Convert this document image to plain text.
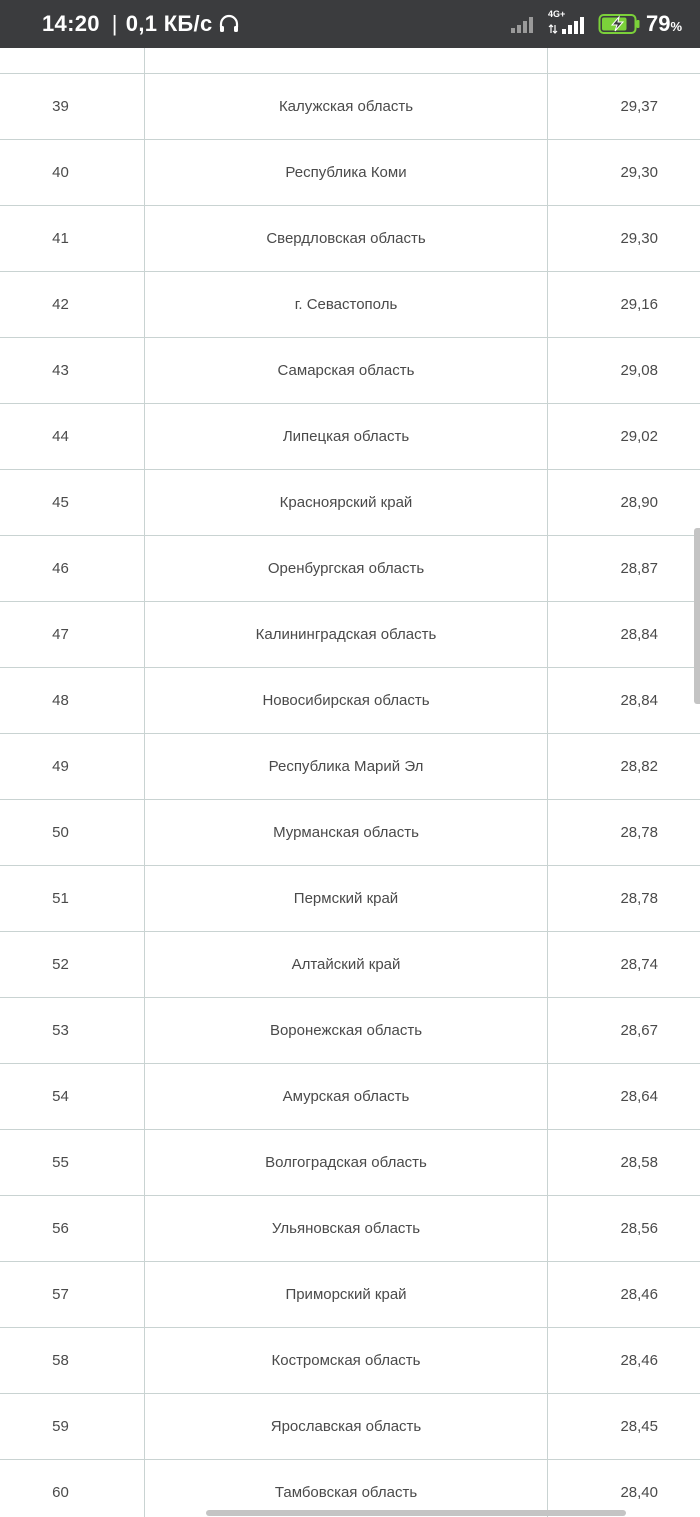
14:20 | 0,1 КБ/с	4G+	79%
39	Калужская область	29,37
40	Республика Коми	29,30
41	Свердловская область	29,30
42	г. Севастополь	29,16
43	Самарская область	29,08
44	Липецкая область	29,02
45	Красноярский край	28,90
46	Оренбургская область	28,87
47	Калининградская область	28,84
48	Новосибирская область	28,84
49	Республика Марий Эл	28,82
50	Мурманская область	28,78
51	Пермский край	28,78
52	Алтайский край	28,74
53	Воронежская область	28,67
54	Амурская область	28,64
55	Волгоградская область	28,58
56	Ульяновская область	28,56
57	Приморский край	28,46
58	Костромская область	28,46
59	Ярославская область	28,45
60	Тамбовская область	28,40
